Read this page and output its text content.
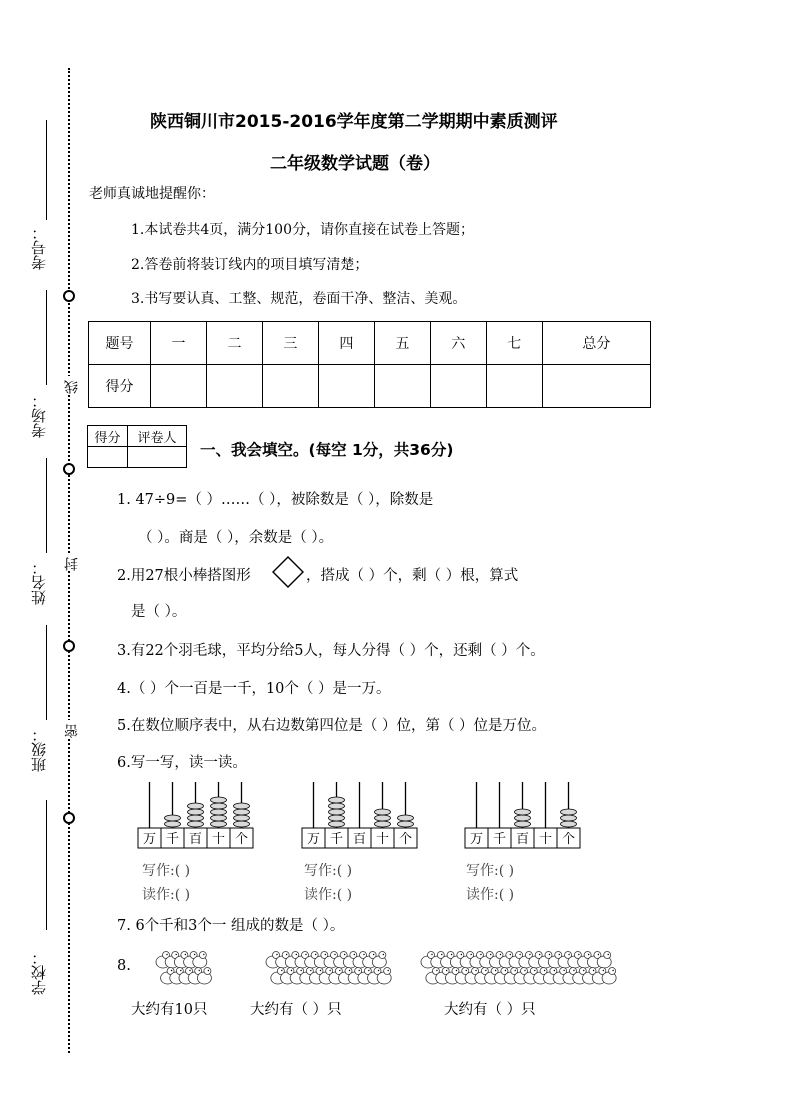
考号：
考场：
姓名：
班级：
学校：
线
封
密
陕西铜川市2015-2016学年度第二学期期中素质测评
二年级数学试题（卷）
老师真诚地提醒你：
1.本试卷共4页，满分100分，请你直接在试卷上答题；
2.答卷前将装订线内的项目填写清楚；
3.书写要认真、工整、规范，卷面干净、整洁、美观。
题号	一	二	三	四	五	六	七	总分
得分								
得分	评卷人

一、我会填空。(每空 1分，共36分)
1. 47÷9=（ ）……（ ），被除数是（ ），除数是
（ ）。商是（ ），余数是（ ）。
2.用27根小棒搭图形	，搭成（ ）个，剩（ ）根，算式
是（ ）。
3.有22个羽毛球，平均分给5人，每人分得（ ）个，还剩（ ）个。
4.（ ）个一百是一千，10个（ ）是一万。
5.在数位顺序表中，从右边数第四位是（ ）位，第（ ）位是万位。
6.写一写，读一读。
万 千 百 十 个	万 千 百 十 个	万 千 百 十 个
写作:( )
读作:( )
写作:( )
读作:( )
写作:( )
读作:( )
7. 6个千和3个一 组成的数是（ ）。
8.
大约有10只	大约有（ ）只	大约有（ ）只
